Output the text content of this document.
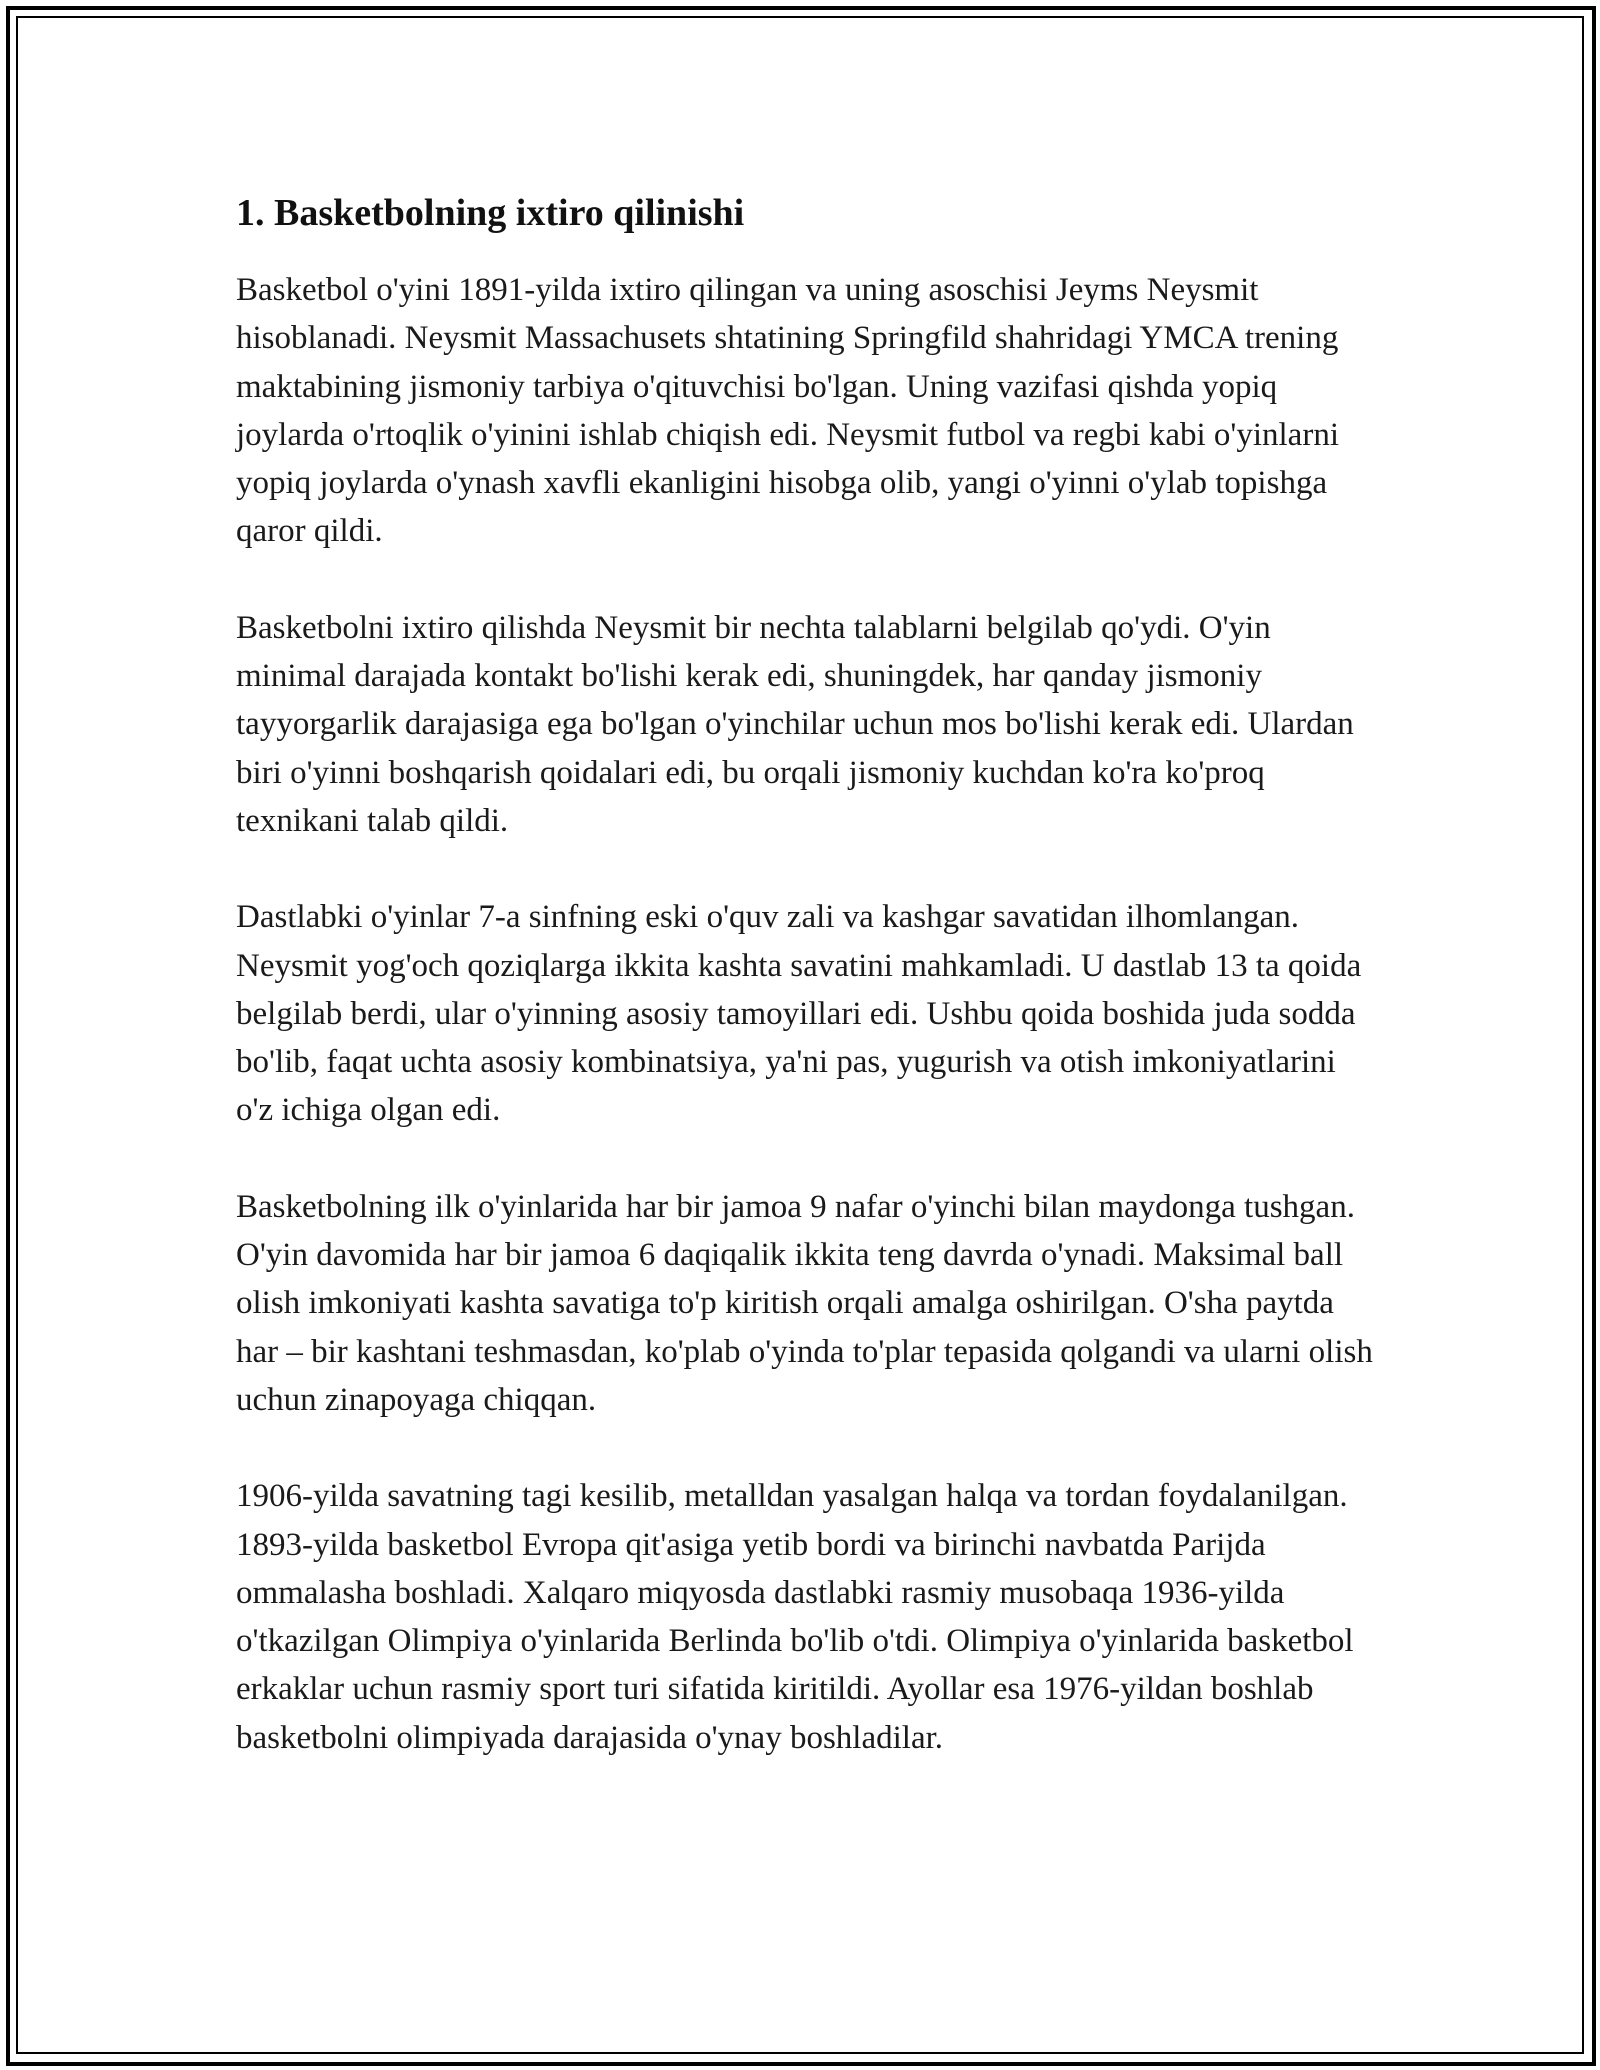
1. Basketbolning ixtiro qilinishi

Basketbol o'yini 1891-yilda ixtiro qilingan va uning asoschisi Jeyms Neysmit hisoblanadi. Neysmit Massachusets shtatining Springfild shahridagi YMCA trening maktabining jismoniy tarbiya o'qituvchisi bo'lgan. Uning vazifasi qishda yopiq joylarda o'rtoqlik o'yinini ishlab chiqish edi. Neysmit futbol va regbi kabi o'yinlarni yopiq joylarda o'ynash xavfli ekanligini hisobga olib, yangi o'yinni o'ylab topishga qaror qildi.

Basketbolni ixtiro qilishda Neysmit bir nechta talablarni belgilab qo'ydi. O'yin minimal darajada kontakt bo'lishi kerak edi, shuningdek, har qanday jismoniy tayyorgarlik darajasiga ega bo'lgan o'yinchilar uchun mos bo'lishi kerak edi. Ulardan biri o'yinni boshqarish qoidalari edi, bu orqali jismoniy kuchdan ko'ra ko'proq texnikani talab qildi.

Dastlabki o'yinlar 7-a sinfning eski o'quv zali va kashgar savatidan ilhomlangan. Neysmit yog'och qoziqlarga ikkita kashta savatini mahkamladi. U dastlab 13 ta qoida belgilab berdi, ular o'yinning asosiy tamoyillari edi. Ushbu qoida boshida juda sodda bo'lib, faqat uchta asosiy kombinatsiya, ya'ni pas, yugurish va otish imkoniyatlarini o'z ichiga olgan edi.

Basketbolning ilk o'yinlarida har bir jamoa 9 nafar o'yinchi bilan maydonga tushgan. O'yin davomida har bir jamoa 6 daqiqalik ikkita teng davrda o'ynadi. Maksimal ball olish imkoniyati kashta savatiga to'p kiritish orqali amalga oshirilgan. O'sha paytda har – bir kashtani teshmasdan, ko'plab o'yinda to'plar tepasida qolgandi va ularni olish uchun zinapoyaga chiqqan.

1906-yilda savatning tagi kesilib, metalldan yasalgan halqa va tordan foydalanilgan. 1893-yilda basketbol Evropa qit'asiga yetib bordi va birinchi navbatda Parijda ommalasha boshladi. Xalqaro miqyosda dastlabki rasmiy musobaqa 1936-yilda o'tkazilgan Olimpiya o'yinlarida Berlinda bo'lib o'tdi. Olimpiya o'yinlarida basketbol erkaklar uchun rasmiy sport turi sifatida kiritildi. Ayollar esa 1976-yildan boshlab basketbolni olimpiyada darajasida o'ynay boshladilar.
